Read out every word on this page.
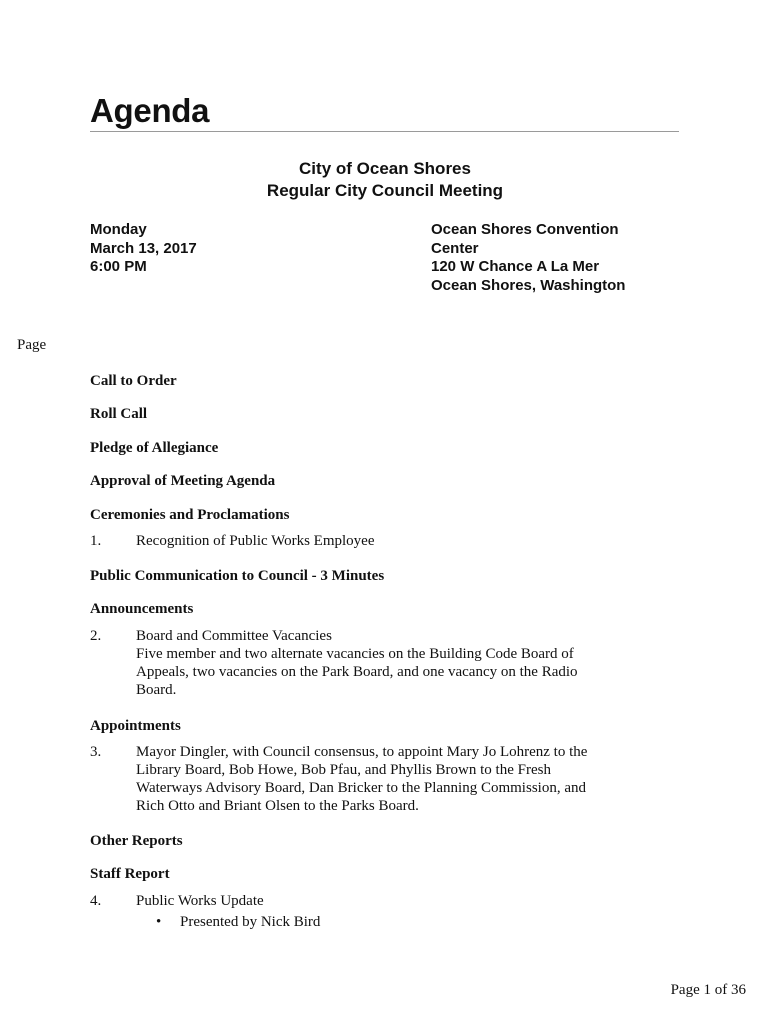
Agenda
City of Ocean Shores
Regular City Council Meeting
Monday
March 13, 2017
6:00 PM
Ocean Shores Convention
Center
120 W Chance A La Mer
Ocean Shores, Washington
Page
Call to Order
Roll Call
Pledge of Allegiance
Approval of Meeting Agenda
Ceremonies and Proclamations
1. Recognition of Public Works Employee
Public Communication to Council - 3 Minutes
Announcements
2. Board and Committee Vacancies
Five member and two alternate vacancies on the Building Code Board of
Appeals, two vacancies on the Park Board, and one vacancy on the Radio
Board.
Appointments
3. Mayor Dingler, with Council consensus, to appoint Mary Jo Lohrenz to the
Library Board, Bob Howe, Bob Pfau, and Phyllis Brown to the Fresh
Waterways Advisory Board, Dan Bricker to the Planning Commission, and
Rich Otto and Briant Olsen to the Parks Board.
Other Reports
Staff Report
4. Public Works Update
• Presented by Nick Bird
Page 1 of 36
